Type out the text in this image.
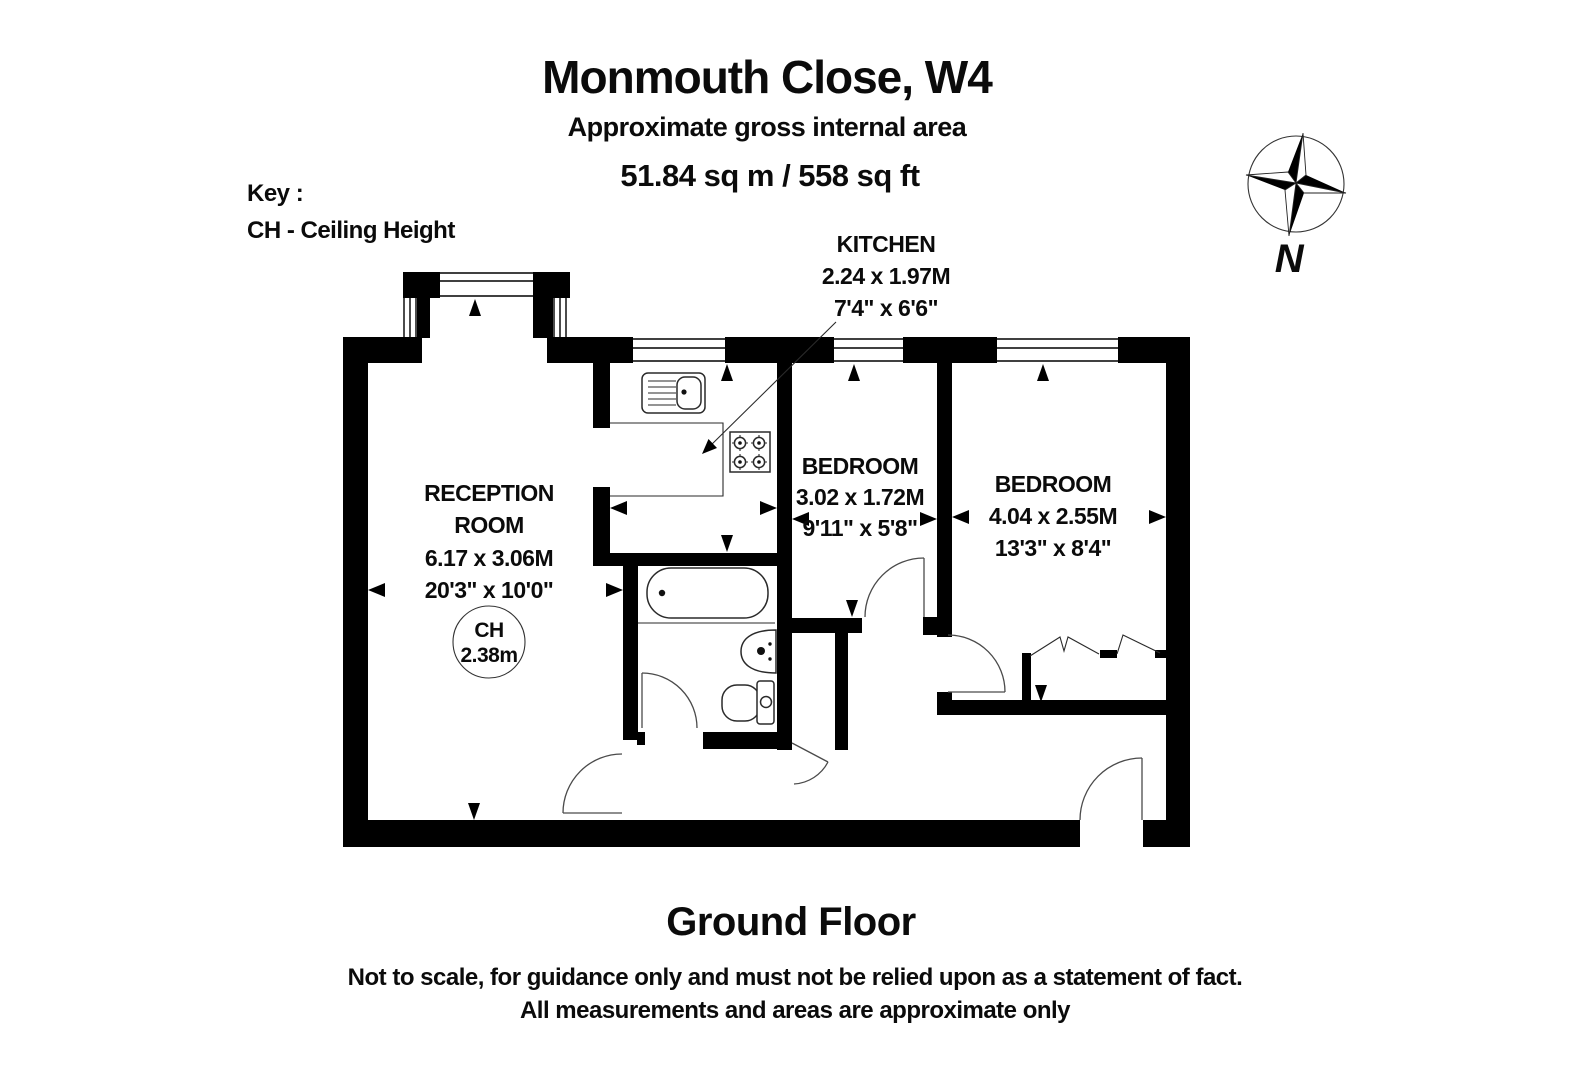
Monmouth Close, W4
Approximate gross internal area
51.84 sq m / 558 sq ft
Key :
CH - Ceiling Height
N
RECEPTION
ROOM
6.17 x 3.06M
20'3" x 10'0"
CH
2.38m
KITCHEN
2.24 x 1.97M
7'4" x 6'6"
BEDROOM
3.02 x 1.72M
9'11" x 5'8"
BEDROOM
4.04 x 2.55M
13'3" x 8'4"
Ground Floor
Not to scale, for guidance only and must not be relied upon as a statement of fact.
All measurements and areas are approximate only
